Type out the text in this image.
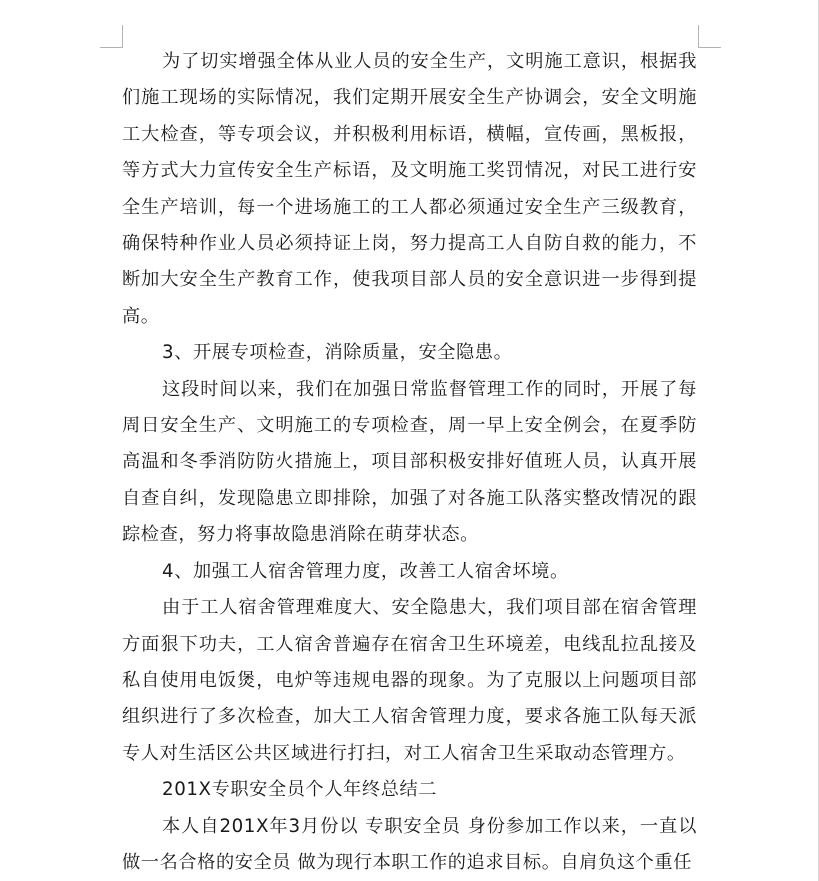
为了切实增强全体从业人员的安全生产，文明施工意识，根据我们施工现场的实际情况，我们定期开展安全生产协调会，安全文明施工大检查，等专项会议，并积极利用标语，横幅，宣传画，黑板报，等方式大力宣传安全生产标语，及文明施工奖罚情况，对民工进行安全生产培训，每一个进场施工的工人都必须通过安全生产三级教育，确保特种作业人员必须持证上岗，努力提高工人自防自救的能力，不断加大安全生产教育工作，使我项目部人员的安全意识进一步得到提高。

3、开展专项检查，消除质量，安全隐患。

这段时间以来，我们在加强日常监督管理工作的同时，开展了每周日安全生产、文明施工的专项检查，周一早上安全例会，在夏季防高温和冬季消防防火措施上，项目部积极安排好值班人员，认真开展自查自纠，发现隐患立即排除，加强了对各施工队落实整改情况的跟踪检查，努力将事故隐患消除在萌芽状态。

4、加强工人宿舍管理力度，改善工人宿舍坏境。

由于工人宿舍管理难度大、安全隐患大，我们项目部在宿舍管理方面狠下功夫，工人宿舍普遍存在宿舍卫生环境差，电线乱拉乱接及私自使用电饭煲，电炉等违规电器的现象。为了克服以上问题项目部组织进行了多次检查，加大工人宿舍管理力度，要求各施工队每天派专人对生活区公共区域进行打扫，对工人宿舍卫生采取动态管理方。

201X专职安全员个人年终总结二

本人自201X年3月份以 专职安全员 身份参加工作以来，一直以做一名合格的安全员 做为现行本职工作的追求目标。自肩负这个重任
